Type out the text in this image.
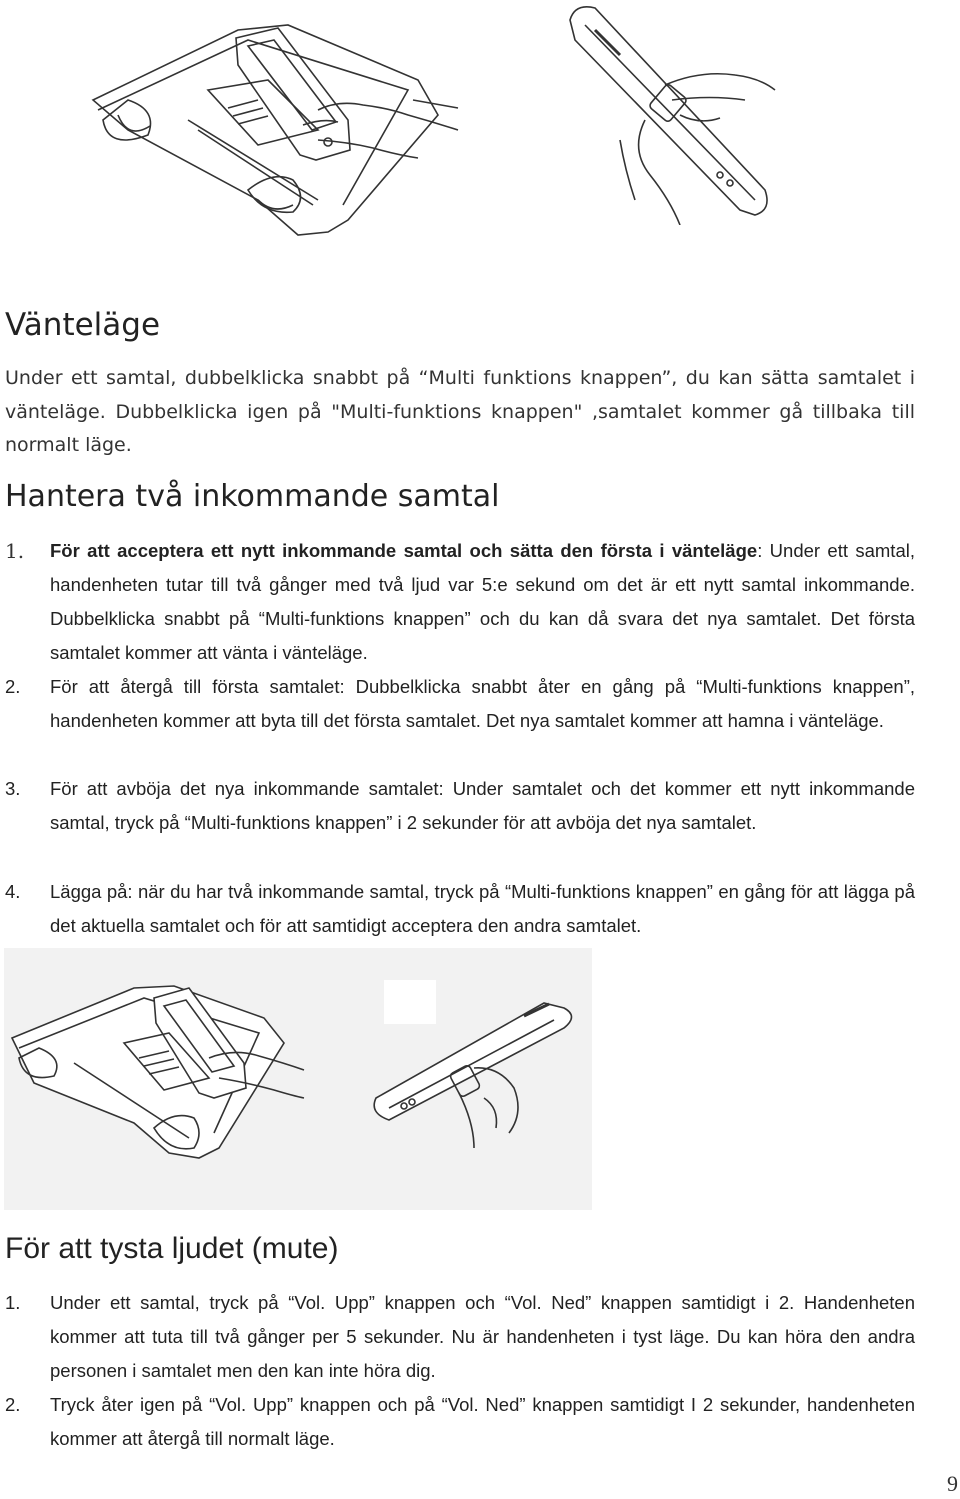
Vänteläge

Under ett samtal, dubbelklicka snabbt på “Multi funktions knappen”, du kan sätta samtalet i

vänteläge. Dubbelklicka igen på "Multi-funktions knappen" ,samtalet kommer gå tillbaka till

normalt läge.

Hantera två inkommande samtal
1. För att acceptera ett nytt inkommande samtal och sätta den första i vänteläge: Under ett samtal, handenheten tutar till två gånger med två ljud var 5:e sekund om det är ett nytt samtal inkommande. Dubbelklicka snabbt på “Multi-funktions knappen” och du kan då svara det nya samtalet. Det första samtalet kommer att vänta i vänteläge.
2. För att återgå till första samtalet: Dubbelklicka snabbt åter en gång på “Multi-funktions knappen”, handenheten kommer att byta till det första samtalet. Det nya samtalet kommer att hamna i vänteläge.
3. För att avböja det nya inkommande samtalet: Under samtalet och det kommer ett nytt inkommande samtal, tryck på “Multi-funktions knappen” i 2 sekunder för att avböja det nya samtalet.
4. Lägga på: när du har två inkommande samtal, tryck på “Multi-funktions knappen” en gång för att lägga på det aktuella samtalet och för att samtidigt acceptera den andra samtalet.
För att tysta ljudet (mute)
1. Under ett samtal, tryck på “Vol. Upp” knappen och “Vol. Ned” knappen samtidigt i 2. Handenheten kommer att tuta till två gånger per 5 sekunder. Nu är handenheten i tyst läge. Du kan höra den andra personen i samtalet men den kan inte höra dig.
2. Tryck åter igen på “Vol. Upp” knappen och på “Vol. Ned” knappen samtidigt I 2 sekunder, handenheten kommer att återgå till normalt läge.
9
